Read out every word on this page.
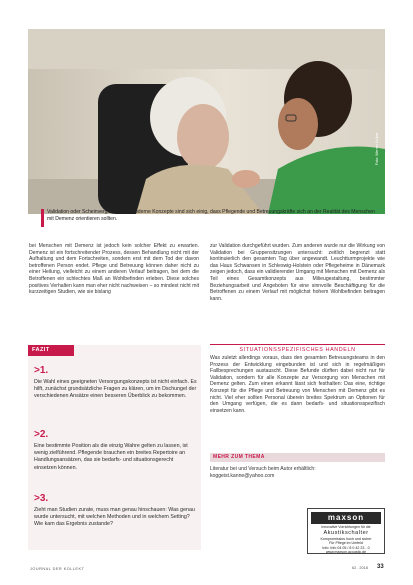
Foto: Werner Krüper
Validation oder Scheinvergleichung? Moderne Konzepte sind sich einig, dass Pflegende und Betreuungskräfte sich an der Realität des Menschen mit Demenz orientieren sollten.

bei Menschen mit Demenz ist jedoch kein solcher Effekt zu erwarten. Demenz ist ein fortschreitender Prozess, dessen Behandlung nicht mit der Aufhaltung und dem Fortschreiten, sondern erst mit dem Tod der davon betroffenen Person endet. Pflege und Betreuung können daher nicht zu einer Heilung, vielleicht zu einem anderen Verlauf beitragen, bei dem die Betroffenen ein schlechtes Maß an Wohlbefinden erleben. Diese solches positives Verhalten kann man eher nicht nachweisen – so mindest nicht mit kurzzeitigen Studien, wie sie bislang

zur Validation durchgeführt wurden. Zum anderen wurde nur die Wirkung von Validation bei Gruppensitzungen untersucht: zeitlich begrenzt statt kontinuierlich den gesamten Tag über angewandt. Leuchtturmprojekte wie das Haus Schwansen in Schleswig-Holstein oder Pflegeheime in Dänemark zeigen jedoch, dass ein validierender Umgang mit Menschen mit Demenz als Teil eines Gesamtkonzepts aus Milieugestaltung, bestimmter Beziehungsarbeit und Angeboten für eine sinnvolle Beschäftigung für die Betroffenen zu einem Verlauf mit möglichst hohem Wohlbefinden beitragen kann.

FAZIT
>1.
Die Wahl eines geeigneten Versorgungskonzepts ist nicht einfach. Es hilft, zunächst grundsätzliche Fragen zu klären, um im Dschungel der verschiedenen Ansätze einen besseren Überblick zu bekommen.
>2.
Eine bestimmte Position als die einzig Wahre gelten zu lassen, ist wenig zielführend. Pflegende brauchen ein breites Repertoire an Handlungsansätzen, das sie bedarfs- und situationsgerecht einsetzen können.
>3.
Zieht man Studien zurate, muss man genau hinschauen: Was genau wurde untersucht, mit welchen Methoden und in welchem Setting? Wie kam das Ergebnis zustande?
SITUATIONSSPEZIFISCHES HANDELN

Was zuletzt allerdings voraus, dass den gesamten Betreuungsteams in den Prozess der Entwicklung eingebunden ist und sich in regelmäßigen Fallbesprechungen austauscht. Diese Befunde dürften dabei nicht nur für Validation, sondern für alle Konzepte zur Versorgung von Menschen mit Demenz gelten. Zum einen erkannt lässt sich festhalten: Das eine, richtige Konzept für die Pflege und Betreuung von Menschen mit Demenz gibt es nicht. Viel eher sollten Personal überein breites Spektrum an Optionen für den Umgang verfügen, die es dann bedarfs- und situationsspezifisch einsetzen kann.

MEHR ZUM THEMA
Literatur bei und Versuch beim Autor erhältlich:
koggeist.kanne@yahoo.com
maxson
Innovative Vorrichtungen für die
Akustikschalter
Kompromisslos hoch und sicher
Für Pflege im Umfeld
Info: Info 04 05 / 8 0 42 23 - 0
www.maxson.acoustic.de
JOURNAL DER KOLLEKT	62 . 2018 33
